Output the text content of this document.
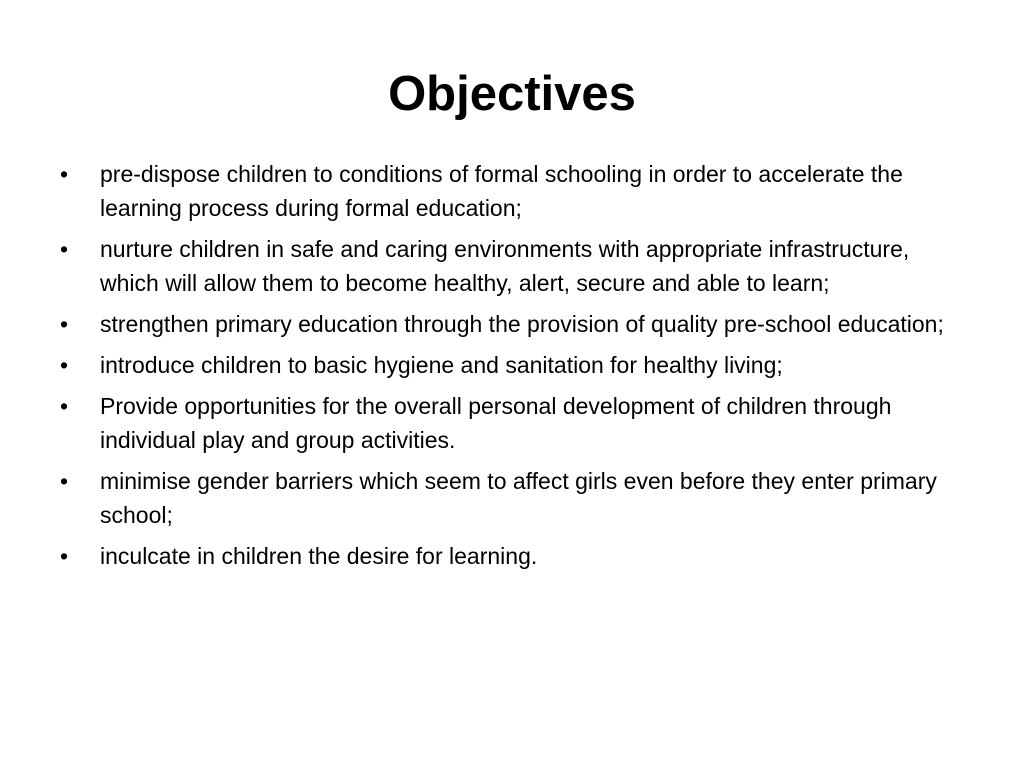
Objectives
•	pre-dispose children to conditions of formal schooling in order to accelerate the learning process during formal education;
•	nurture children in safe and caring environments with appropriate infrastructure, which will allow them to become healthy, alert, secure and able to learn;
•	strengthen primary education through the provision of quality pre-school education;
•	introduce children to basic hygiene and sanitation for healthy living;
•	Provide opportunities for the overall personal development of children through individual play and group activities.
•	minimise gender barriers which seem to affect girls even before they enter primary school;
•	inculcate in children the desire for learning.
